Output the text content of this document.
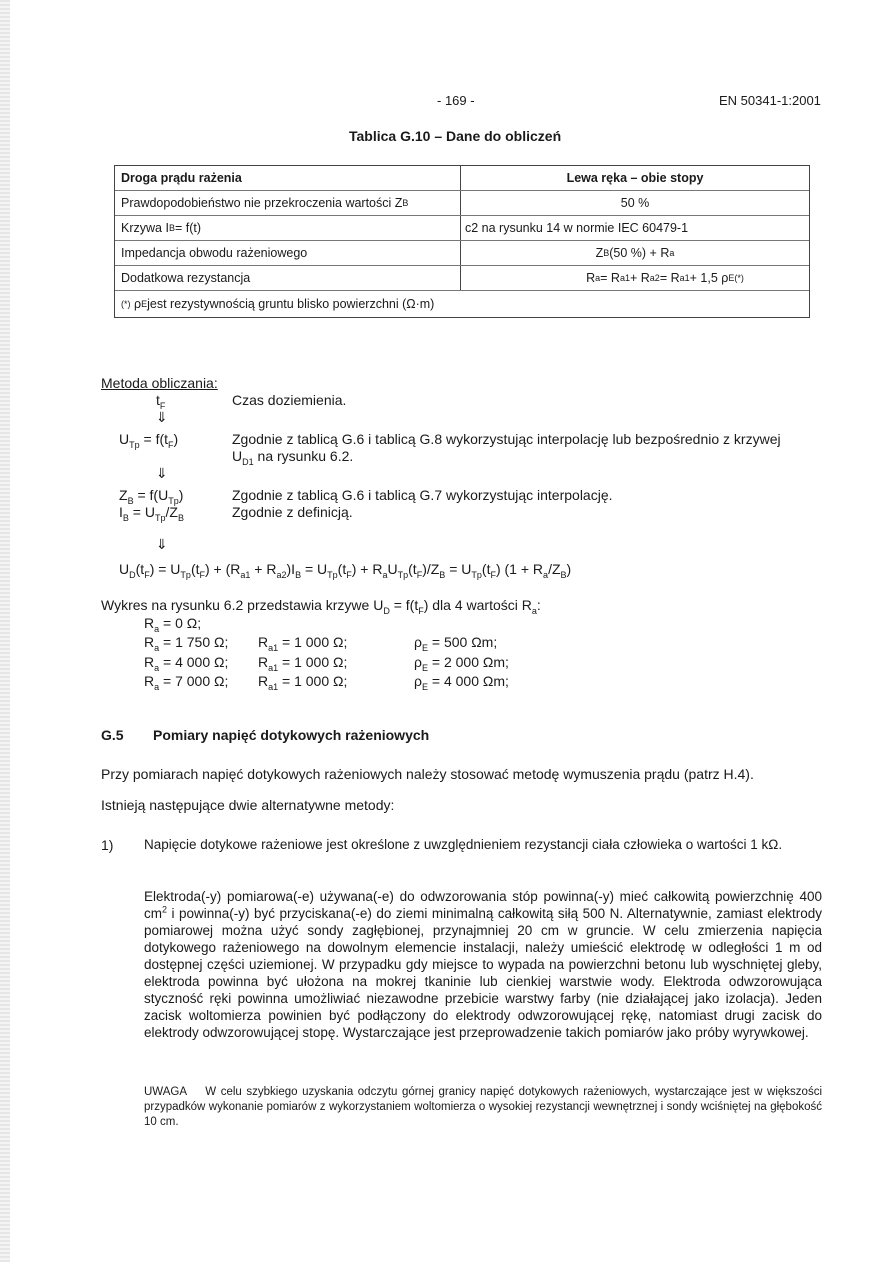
- 169 -	EN 50341-1:2001
Tablica G.10 – Dane do obliczeń
Droga prądu rażenia	Lewa ręka – obie stopy
Prawdopodobieństwo nie przekroczenia wartości Z B	50 %
Krzywa I B = f(t)	c2 na rysunku 14 w normie IEC 60479-1
Impedancja obwodu rażeniowego	Z B (50 %) + R a
Dodatkowa rezystancja	R a = R a1 + R a2 = R a1 + 1,5 ρ E (*)
(*)
ρ E jest rezystywnością gruntu blisko powierzchni (Ω·m)
Metoda obliczania:
$t_F$	Czas doziemienia.
⇓
$U_{Tp} = f(t_F)$	Zgodnie z tablicą G.6 i tablicą G.8 wykorzystując interpolację lub bezpośrednio z krzywej
$U_{D1}$ na rysunku 6.2.
⇓
$Z_B = f(U_{Tp})$	Zgodnie z tablicą G.6 i tablicą G.7 wykorzystując interpolację.
$I_B = U_{Tp}/Z_B$	Zgodnie z definicją.
⇓
$U_D(t_F) = U_{Tp}(t_F) + (R_{a1} + R_{a2})I_B = U_{Tp}(t_F) + R_aU_{Tp}(t_F)/Z_B = U_{Tp}(t_F) (1 + R_a/Z_B)$
Wykres na rysunku 6.2 przedstawia krzywe $U_D = f(t_F)$ dla 4 wartości $R_a$:
$R_a = 0$ Ω;
$R_a = 1$ 750 Ω; $R_{a1} = 1$ 000 Ω;	$\rho_E = 500$ Ωm;
$R_a = 4$ 000 Ω; $R_{a1} = 1$ 000 Ω;	$\rho_E = 2$ 000 Ωm;
$R_a = 7$ 000 Ω; $R_{a1} = 1$ 000 Ω;	$\rho_E = 4$ 000 Ωm;
G.5 Pomiary napięć dotykowych rażeniowych
Przy pomiarach napięć dotykowych rażeniowych należy stosować metodę wymuszenia prądu (patrz H.4).
Istnieją następujące dwie alternatywne metody:
1) Napięcie dotykowe rażeniowe jest określone z uwzględnieniem rezystancji ciała człowieka o wartości 1 kΩ.
Elektroda(-y) pomiarowa(-e) używana(-e) do odwzorowania stóp powinna(-y) mieć całkowitą powierzchnię 400 $cm^2$ i powinna(-y) być przyciskana(-e) do ziemi minimalną całkowitą siłą 500 N. Alternatywnie, zamiast elektrody pomiarowej można użyć sondy zagłębionej, przynajmniej 20 cm w gruncie. W celu zmierzenia napięcia dotykowego rażeniowego na dowolnym elemencie instalacji, należy umieścić elektrodę w odległości 1 m od dostępnej części uziemionej. W przypadku gdy miejsce to wypada na powierzchni betonu lub wyschniętej gleby, elektroda powinna być ułożona na mokrej tkaninie lub cienkiej warstwie wody. Elektroda odwzorowująca styczność ręki powinna umożliwiać niezawodne przebicie warstwy farby (nie działającej jako izolacja). Jeden zacisk woltomierza powinien być podłączony do elektrody odwzorowującej rękę, natomiast drugi zacisk do elektrody odwzorowującej stopę. Wystarczające jest przeprowadzenie takich pomiarów jako próby wyrywkowej.
UWAGA W celu szybkiego uzyskania odczytu górnej granicy napięć dotykowych rażeniowych, wystarczające jest w większości przypadków wykonanie pomiarów z wykorzystaniem woltomierza o wysokiej rezystancji wewnętrznej i sondy wciśniętej na głębokość 10 cm.
